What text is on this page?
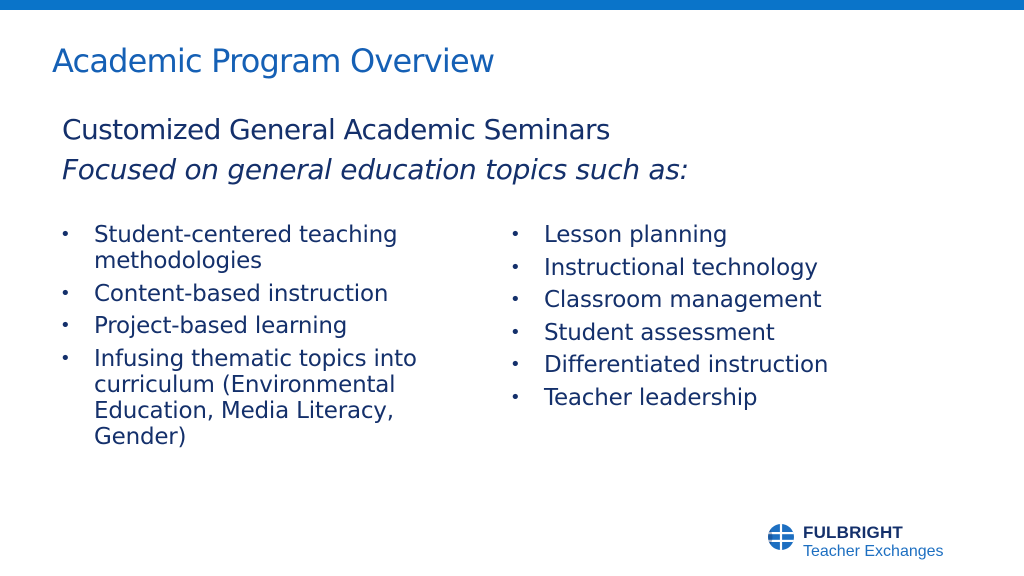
Academic Program Overview
Customized General Academic Seminars
Focused on general education topics such as:
• Student-centered teaching methodologies
• Content-based instruction
• Project-based learning
• Infusing thematic topics into curriculum (Environmental Education, Media Literacy, Gender)
• Lesson planning
• Instructional technology
• Classroom management
• Student assessment
• Differentiated instruction
• Teacher leadership
FULBRIGHT
Teacher Exchanges
